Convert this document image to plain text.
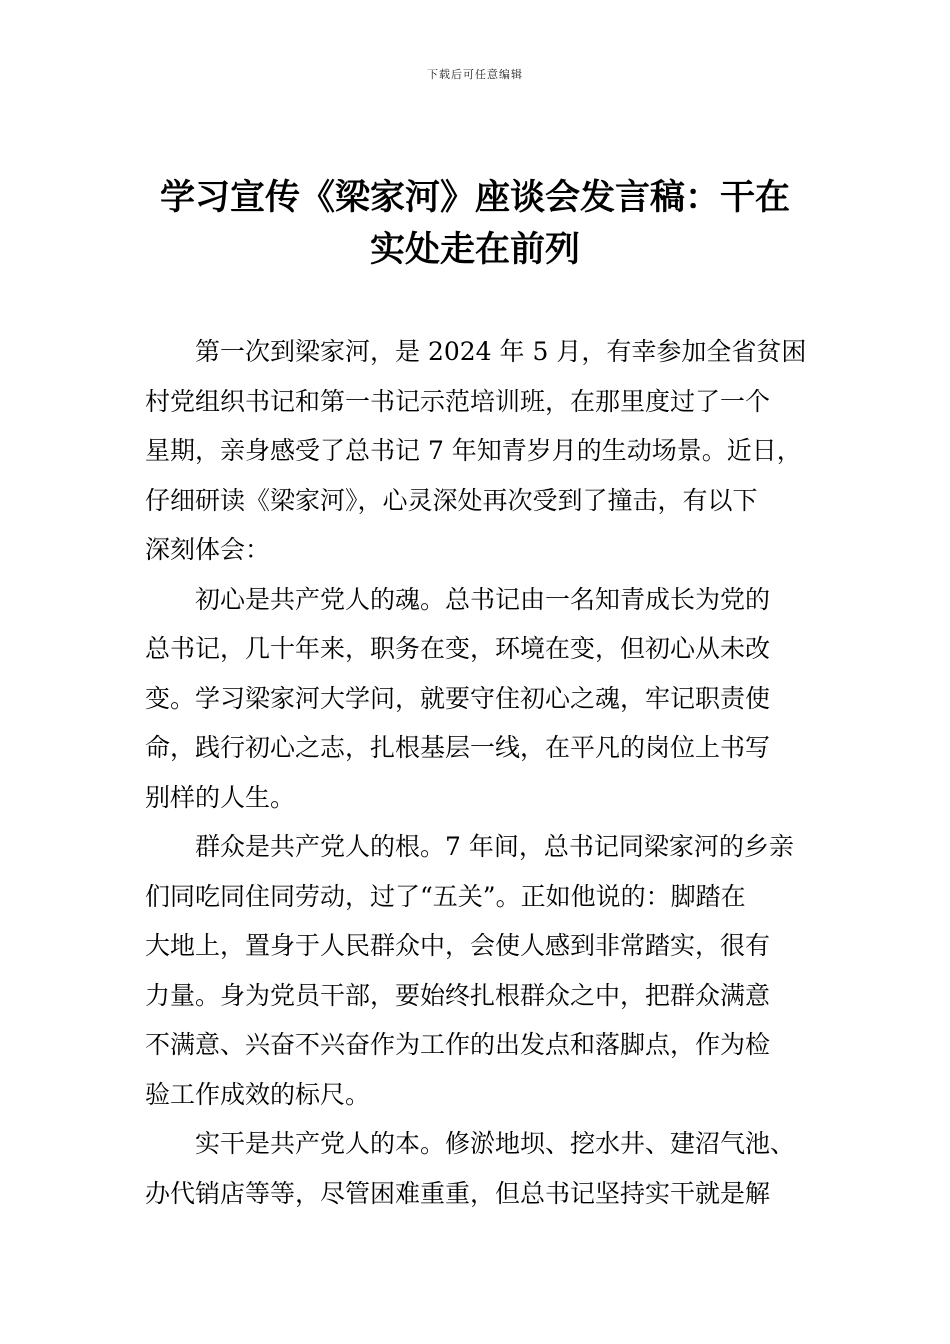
下载后可任意编辑
学习宣传《梁家河》座谈会发言稿：干在
实处走在前列

第一次到梁家河，是 2024 年 5 月，有幸参加全省贫困
村党组织书记和第一书记示范培训班，在那里度过了一个
星期，亲身感受了总书记 7 年知青岁月的生动场景。近日，
仔细研读《梁家河》，心灵深处再次受到了撞击，有以下
深刻体会：

初心是共产党人的魂。总书记由一名知青成长为党的
总书记，几十年来，职务在变，环境在变，但初心从未改
变。学习梁家河大学问，就要守住初心之魂，牢记职责使
命，践行初心之志，扎根基层一线，在平凡的岗位上书写
别样的人生。

群众是共产党人的根。7 年间，总书记同梁家河的乡亲
们同吃同住同劳动，过了“五关”。正如他说的：脚踏在
大地上，置身于人民群众中，会使人感到非常踏实，很有
力量。身为党员干部，要始终扎根群众之中，把群众满意
不满意、兴奋不兴奋作为工作的出发点和落脚点，作为检
验工作成效的标尺。

实干是共产党人的本。修淤地坝、挖水井、建沼气池、
办代销店等等，尽管困难重重，但总书记坚持实干就是解
